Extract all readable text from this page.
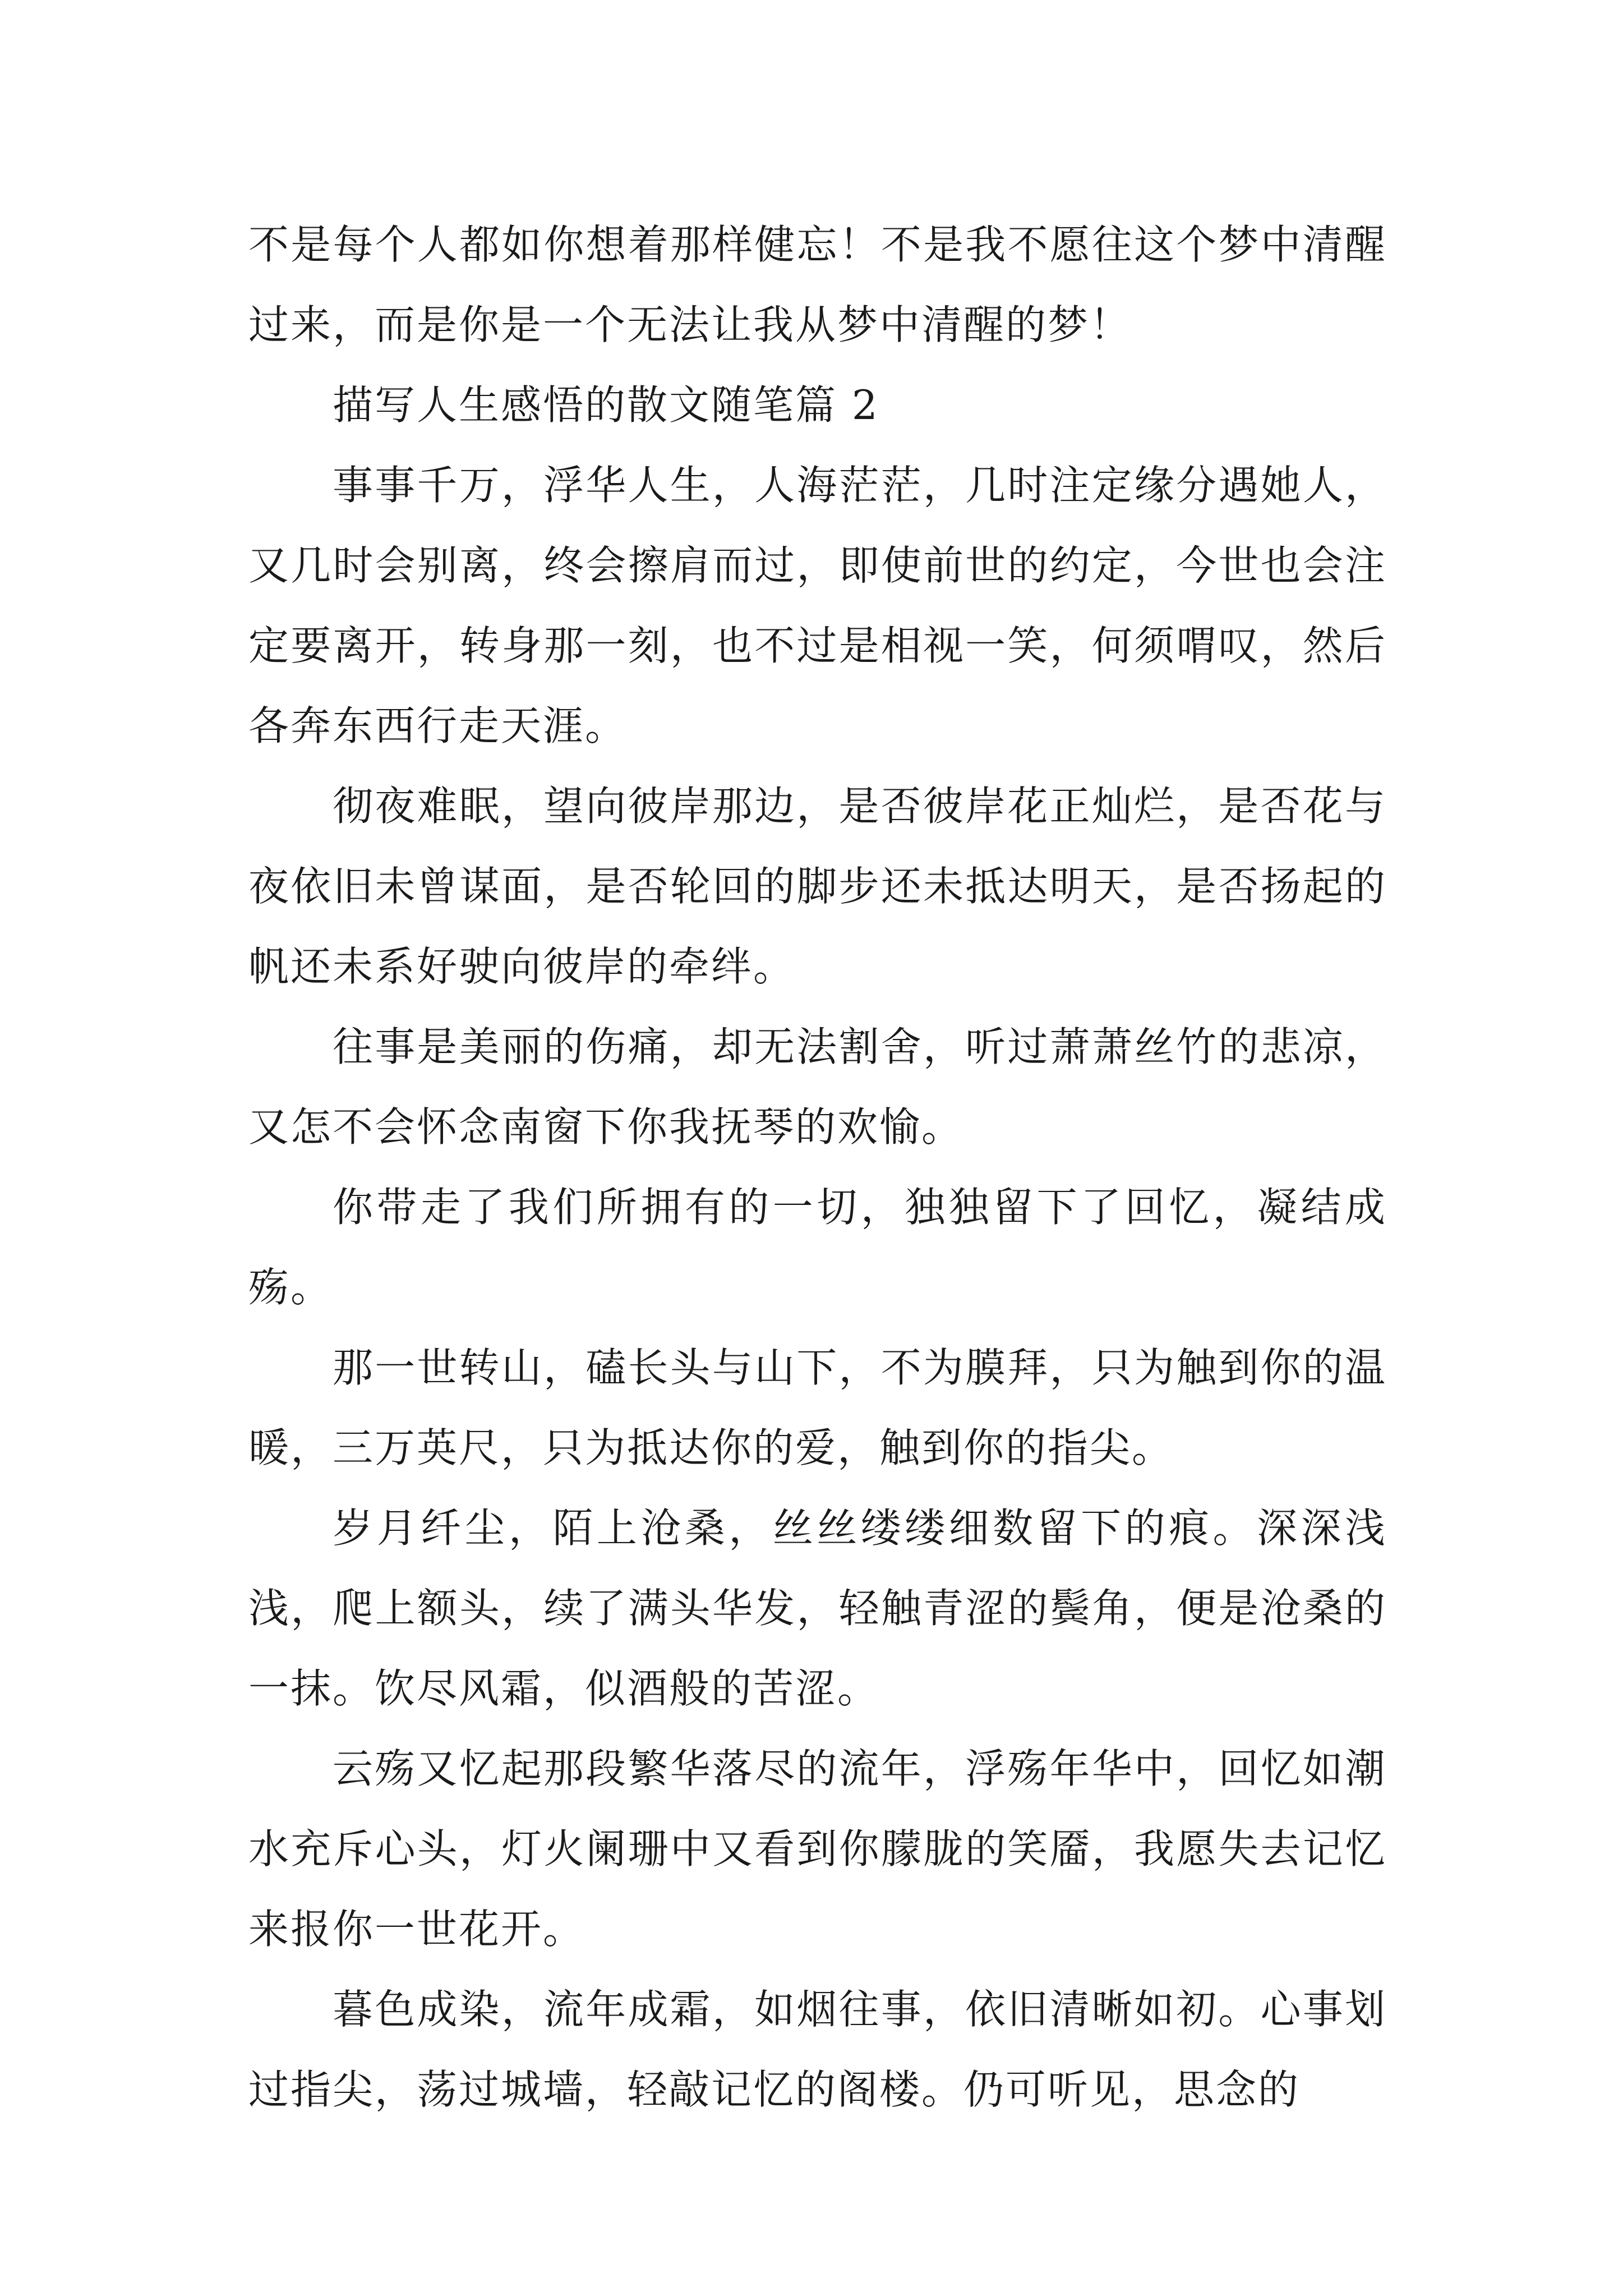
不是每个人都如你想着那样健忘！不是我不愿往这个梦中清醒过来，而是你是一个无法让我从梦中清醒的梦！

描写人生感悟的散文随笔篇 2

事事千万，浮华人生，人海茫茫，几时注定缘分遇她人，又几时会别离，终会擦肩而过，即使前世的约定，今世也会注定要离开，转身那一刻，也不过是相视一笑，何须喟叹，然后各奔东西行走天涯。

彻夜难眠，望向彼岸那边，是否彼岸花正灿烂，是否花与夜依旧未曾谋面，是否轮回的脚步还未抵达明天，是否扬起的帆还未系好驶向彼岸的牵绊。

往事是美丽的伤痛，却无法割舍，听过萧萧丝竹的悲凉，又怎不会怀念南窗下你我抚琴的欢愉。

你带走了我们所拥有的一切，独独留下了回忆，凝结成殇。

那一世转山，磕长头与山下，不为膜拜，只为触到你的温暖，三万英尺，只为抵达你的爱，触到你的指尖。

岁月纤尘，陌上沧桑，丝丝缕缕细数留下的痕。深深浅浅，爬上额头，续了满头华发，轻触青涩的鬓角，便是沧桑的一抹。饮尽风霜，似酒般的苦涩。

云殇又忆起那段繁华落尽的流年，浮殇年华中，回忆如潮水充斥心头，灯火阑珊中又看到你朦胧的笑靥，我愿失去记忆来报你一世花开。

暮色成染，流年成霜，如烟往事，依旧清晰如初。心事划过指尖，荡过城墙，轻敲记忆的阁楼。仍可听见，思念的
